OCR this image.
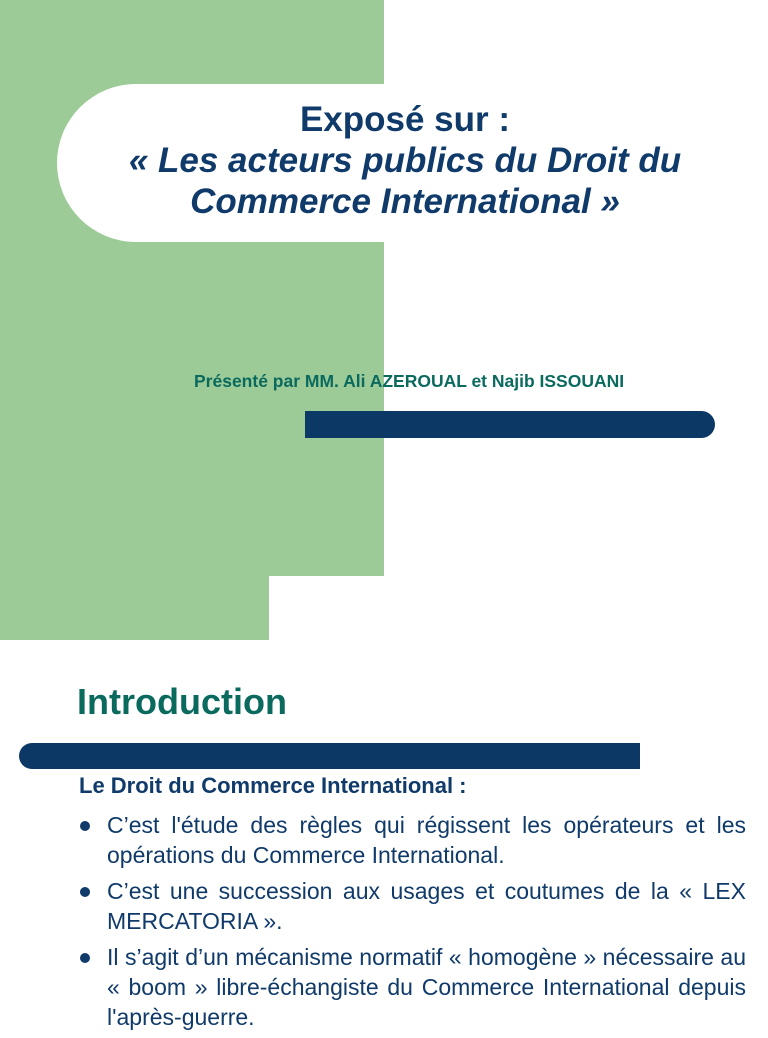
Exposé sur :
« Les acteurs publics du Droit du
Commerce International »
Présenté par MM. Ali AZEROUAL et Najib ISSOUANI
Introduction
Le Droit du Commerce International :
C’est l'étude des règles qui régissent les opérateurs et les opérations du Commerce International.
C’est une succession aux usages et coutumes de la « LEX MERCATORIA ».
Il s’agit d’un mécanisme normatif « homogène » nécessaire au « boom » libre-échangiste du Commerce International depuis l'après-guerre.
